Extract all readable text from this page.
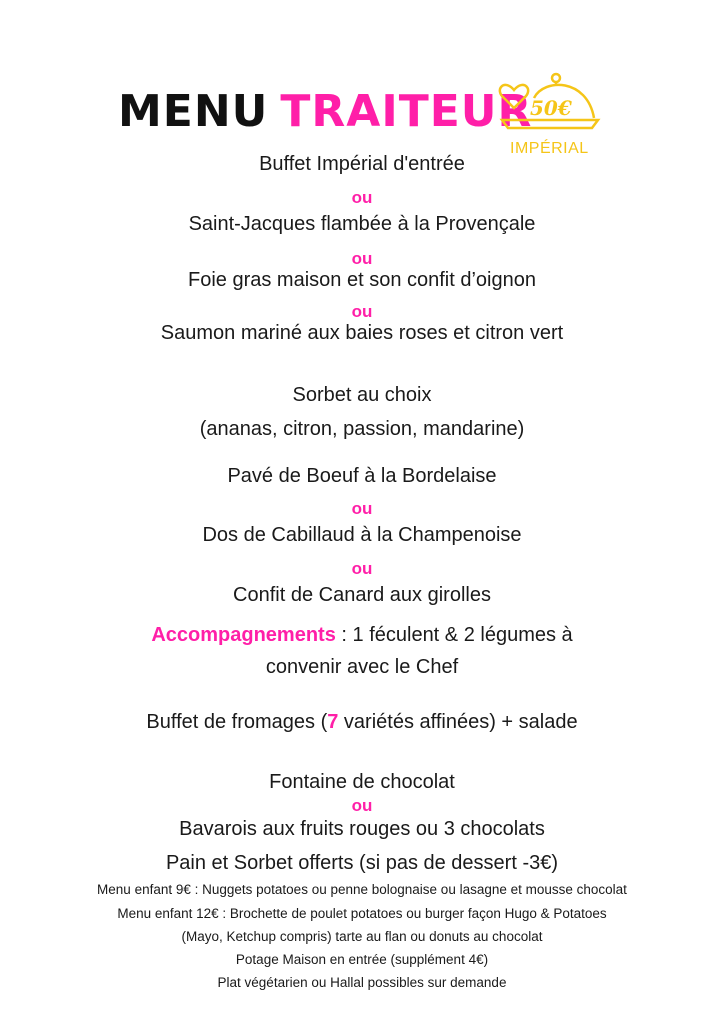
MENU TRAITEUR
50€
IMPÉRIAL
Buffet Impérial d'entrée
ou
Saint-Jacques flambée à la Provençale
ou
Foie gras maison et son confit d’oignon
ou
Saumon mariné aux baies roses et citron vert
Sorbet au choix
(ananas, citron, passion, mandarine)
Pavé de Boeuf à la Bordelaise
ou
Dos de Cabillaud à la Champenoise
ou
Confit de Canard aux girolles
Accompagnements : 1 féculent & 2 légumes à
convenir avec le Chef
Buffet de fromages (7 variétés affinées) + salade
Fontaine de chocolat
ou
Bavarois aux fruits rouges ou 3 chocolats
Pain et Sorbet offerts (si pas de dessert -3€)
Menu enfant 9€ : Nuggets potatoes ou penne bolognaise ou lasagne et mousse chocolat
Menu enfant 12€ : Brochette de poulet potatoes ou burger façon Hugo & Potatoes
(Mayo, Ketchup compris) tarte au flan ou donuts au chocolat
Potage Maison en entrée (supplément 4€)
Plat végétarien ou Hallal possibles sur demande
